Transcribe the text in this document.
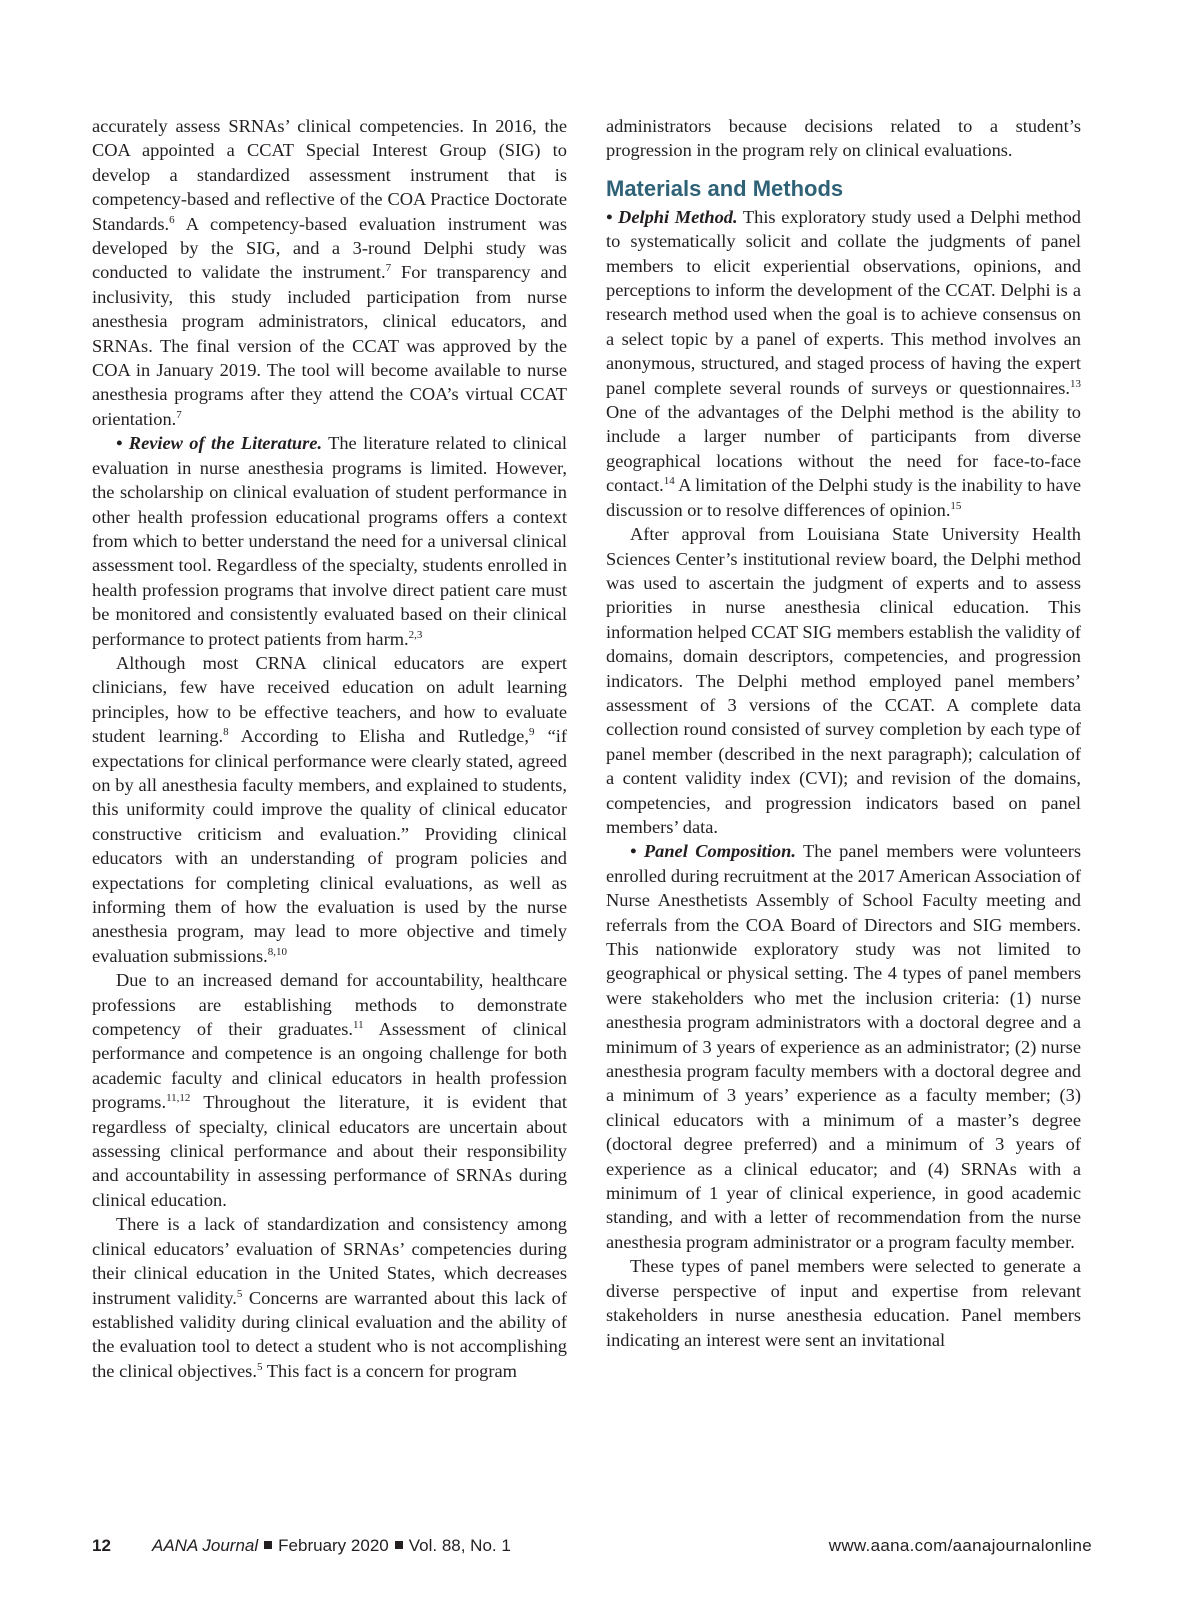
accurately assess SRNAs’ clinical competencies. In 2016, the COA appointed a CCAT Special Interest Group (SIG) to develop a standardized assessment instrument that is competency-based and reflective of the COA Practice Doctorate Standards.$^6$ A competency-based evaluation instrument was developed by the SIG, and a 3-round Delphi study was conducted to validate the instrument.$^7$ For transparency and inclusivity, this study included participation from nurse anesthesia program administrators, clinical educators, and SRNAs. The final version of the CCAT was approved by the COA in January 2019. The tool will become available to nurse anesthesia programs after they attend the COA’s virtual CCAT orientation.$^7$

• Review of the Literature. The literature related to clinical evaluation in nurse anesthesia programs is limited. However, the scholarship on clinical evaluation of student performance in other health profession educational programs offers a context from which to better understand the need for a universal clinical assessment tool. Regardless of the specialty, students enrolled in health profession programs that involve direct patient care must be monitored and consistently evaluated based on their clinical performance to protect patients from harm.$^{2,3}$

Although most CRNA clinical educators are expert clinicians, few have received education on adult learning principles, how to be effective teachers, and how to evaluate student learning.$^8$ According to Elisha and Rutledge,$^9$ “if expectations for clinical performance were clearly stated, agreed on by all anesthesia faculty members, and explained to students, this uniformity could improve the quality of clinical educator constructive criticism and evaluation.” Providing clinical educators with an understanding of program policies and expectations for completing clinical evaluations, as well as informing them of how the evaluation is used by the nurse anesthesia program, may lead to more objective and timely evaluation submissions.$^{8,10}$

Due to an increased demand for accountability, healthcare professions are establishing methods to demonstrate competency of their graduates.$^{11}$ Assessment of clinical performance and competence is an ongoing challenge for both academic faculty and clinical educators in health profession programs.$^{11,12}$ Throughout the literature, it is evident that regardless of specialty, clinical educators are uncertain about assessing clinical performance and about their responsibility and accountability in assessing performance of SRNAs during clinical education.

There is a lack of standardization and consistency among clinical educators’ evaluation of SRNAs’ competencies during their clinical education in the United States, which decreases instrument validity.$^5$ Concerns are warranted about this lack of established validity during clinical evaluation and the ability of the evaluation tool to detect a student who is not accomplishing the clinical objectives.$^5$ This fact is a concern for program

administrators because decisions related to a student’s progression in the program rely on clinical evaluations.

Materials and Methods

• Delphi Method. This exploratory study used a Delphi method to systematically solicit and collate the judgments of panel members to elicit experiential observations, opinions, and perceptions to inform the development of the CCAT. Delphi is a research method used when the goal is to achieve consensus on a select topic by a panel of experts. This method involves an anonymous, structured, and staged process of having the expert panel complete several rounds of surveys or questionnaires.$^{13}$ One of the advantages of the Delphi method is the ability to include a larger number of participants from diverse geographical locations without the need for face-to-face contact.$^{14}$ A limitation of the Delphi study is the inability to have discussion or to resolve differences of opinion.$^{15}$

After approval from Louisiana State University Health Sciences Center’s institutional review board, the Delphi method was used to ascertain the judgment of experts and to assess priorities in nurse anesthesia clinical education. This information helped CCAT SIG members establish the validity of domains, domain descriptors, competencies, and progression indicators. The Delphi method employed panel members’ assessment of 3 versions of the CCAT. A complete data collection round consisted of survey completion by each type of panel member (described in the next paragraph); calculation of a content validity index (CVI); and revision of the domains, competencies, and progression indicators based on panel members’ data.

• Panel Composition. The panel members were volunteers enrolled during recruitment at the 2017 American Association of Nurse Anesthetists Assembly of School Faculty meeting and referrals from the COA Board of Directors and SIG members. This nationwide exploratory study was not limited to geographical or physical setting. The 4 types of panel members were stakeholders who met the inclusion criteria: (1) nurse anesthesia program administrators with a doctoral degree and a minimum of 3 years of experience as an administrator; (2) nurse anesthesia program faculty members with a doctoral degree and a minimum of 3 years’ experience as a faculty member; (3) clinical educators with a minimum of a master’s degree (doctoral degree preferred) and a minimum of 3 years of experience as a clinical educator; and (4) SRNAs with a minimum of 1 year of clinical experience, in good academic standing, and with a letter of recommendation from the nurse anesthesia program administrator or a program faculty member.

These types of panel members were selected to generate a diverse perspective of input and expertise from relevant stakeholders in nurse anesthesia education. Panel members indicating an interest were sent an invitational

12 AANA Journal February 2020 Vol. 88, No. 1	www.aana.com/aanajournalonline
